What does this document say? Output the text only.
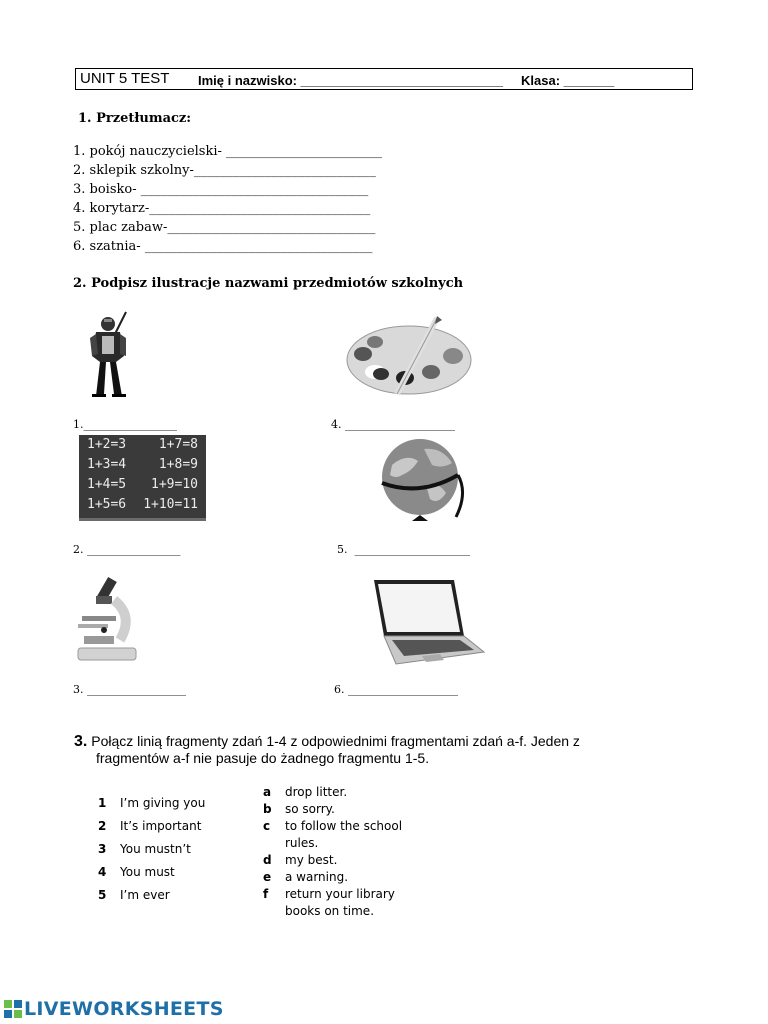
UNIT 5 TEST Imię i nazwisko: ____________________________ Klasa: _______
1. Przetłumacz:
1. pokój nauczycielski- ________________________
2. sklepik szkolny-____________________________
3. boisko- ___________________________________
4. korytarz-__________________________________
5. plac zabaw-________________________________
6. szatnia- ___________________________________
2. Podpisz ilustracje nazwami przedmiotów szkolnych
1._________________	4. ____________________
1+2=3	1+7=8
1+3=4	1+8=9
1+4=5 1+9=10
1+5=6 1+10=11
2. _________________	5.  _____________________
3. __________________	6. ____________________
3. Połącz linią fragmenty zdań 1-4 z odpowiednimi fragmentami zdań a-f. Jeden z
fragmentów a-f nie pasuje do żadnego fragmentu 1-5.
1 I’m giving you
2 It’s important
3 You mustn’t
4 You must
5 I’m ever
a drop litter.
b so sorry.
c to follow the school
rules.
d my best.
e a warning.
f return your library
books on time.
LIVEWORKSHEETS
